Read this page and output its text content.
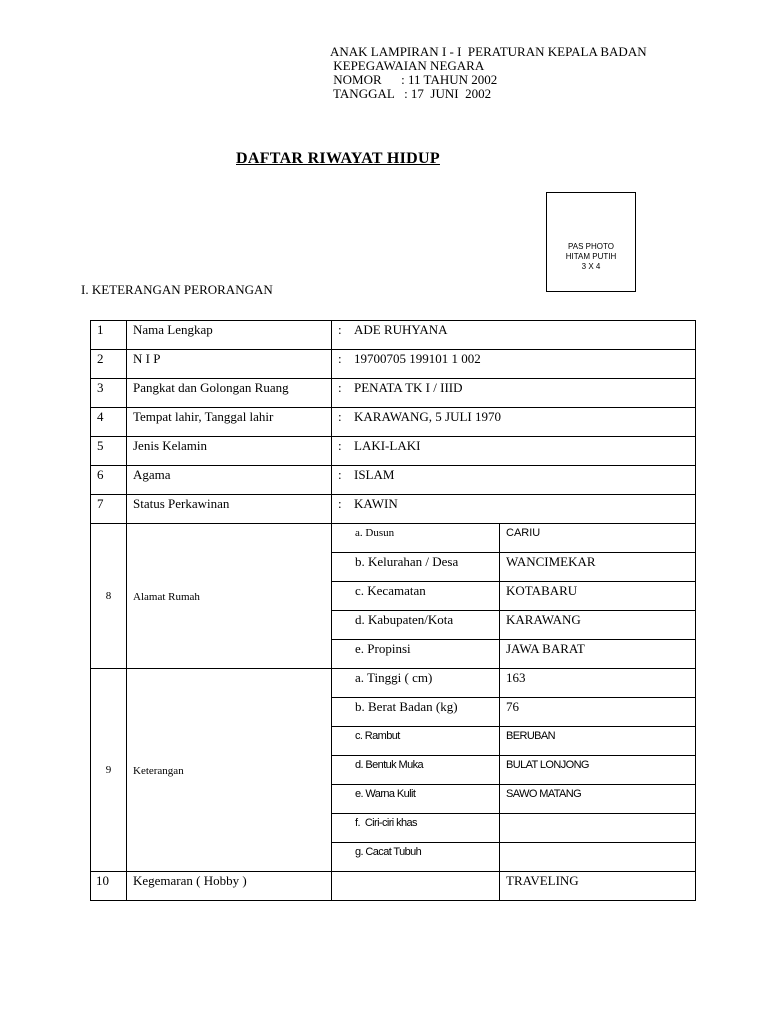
ANAK LAMPIRAN I - I  PERATURAN KEPALA BADAN
KEPEGAWAIAN NEGARA
NOMOR      : 11 TAHUN 2002
TANGGAL   : 17  JUNI  2002
DAFTAR RIWAYAT HIDUP
PAS PHOTO
HITAM PUTIH
3 X 4
I. KETERANGAN PERORANGAN
1	Nama Lengkap	: ADE RUHYANA	

2	N I P	: 19700705 199101 1 002	

3	Pangkat dan Golongan Ruang	: PENATA TK I / IIID	

4	Tempat lahir, Tanggal lahir	: KARAWANG, 5 JULI 1970	

5	Jenis Kelamin	: LAKI-LAKI	

6	Agama	: ISLAM	

7	Status Perkawinan	: KAWIN	

8	Alamat Rumah	a. Dusun	CARIU

		b. Kelurahan / Desa	WANCIMEKAR

		c. Kecamatan	KOTABARU

		d. Kabupaten/Kota	KARAWANG

		e. Propinsi	JAWA BARAT

9	Keterangan	a. Tinggi ( cm)	163

		b. Berat Badan (kg)	76

		c. Rambut	BERUBAN

		d. Bentuk Muka	BULAT LONJONG

		e. Warna Kulit	SAWO MATANG

		f.  Ciri-ciri khas	

		g. Cacat Tubuh	

10	Kegemaran ( Hobby )		TRAVELING
